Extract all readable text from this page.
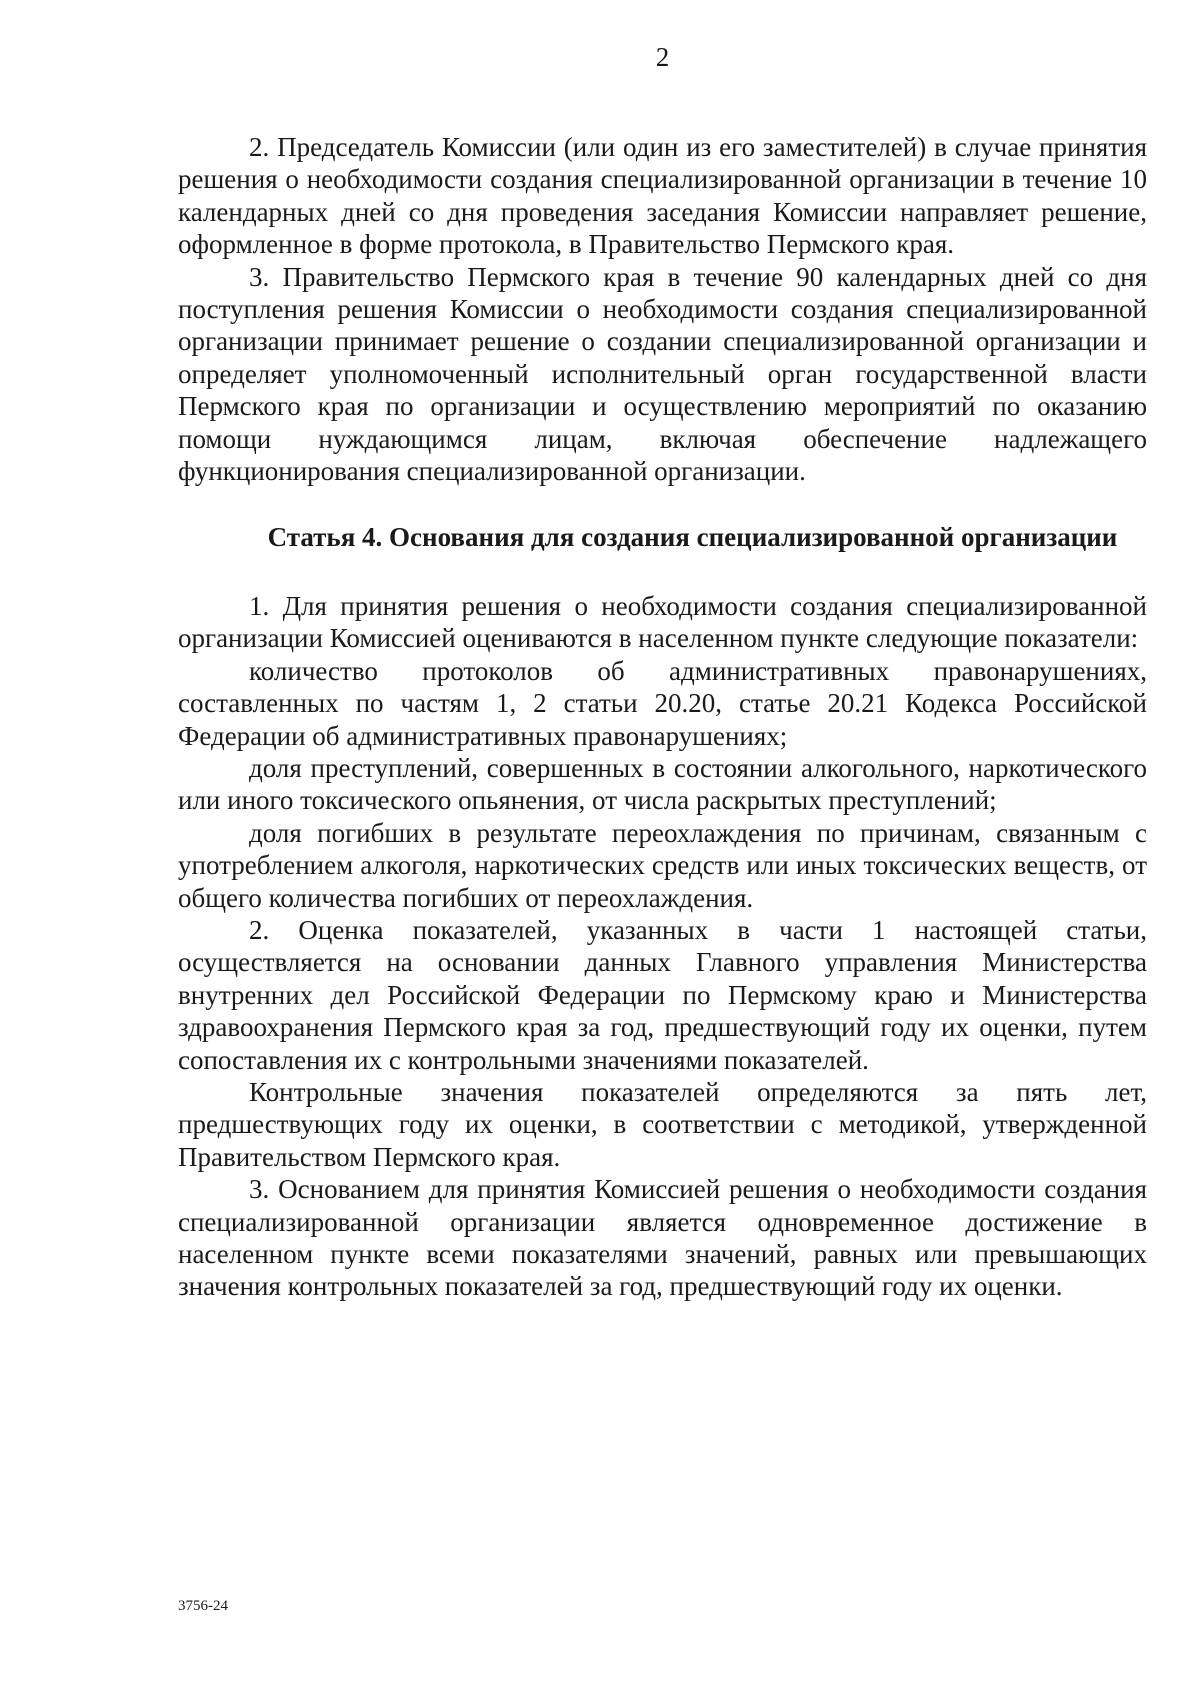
2

2. Председатель Комиссии (или один из его заместителей) в случае принятия решения о необходимости создания специализированной организации в течение 10 календарных дней со дня проведения заседания Комиссии направляет решение, оформленное в форме протокола, в Правительство Пермского края.

3. Правительство Пермского края в течение 90 календарных дней со дня поступления решения Комиссии о необходимости создания специализированной организации принимает решение о создании специализированной организации и определяет уполномоченный исполнительный орган государственной власти Пермского края по организации и осуществлению мероприятий по оказанию помощи нуждающимся лицам, включая обеспечение надлежащего функционирования специализированной организации.

Статья 4. Основания для создания специализированной организации

1. Для принятия решения о необходимости создания специализированной организации Комиссией оцениваются в населенном пункте следующие показатели:

количество протоколов об административных правонарушениях, составленных по частям 1, 2 статьи 20.20, статье 20.21 Кодекса Российской Федерации об административных правонарушениях;

доля преступлений, совершенных в состоянии алкогольного, наркотического или иного токсического опьянения, от числа раскрытых преступлений;

доля погибших в результате переохлаждения по причинам, связанным с употреблением алкоголя, наркотических средств или иных токсических веществ, от общего количества погибших от переохлаждения.

2. Оценка показателей, указанных в части 1 настоящей статьи, осуществляется на основании данных Главного управления Министерства внутренних дел Российской Федерации по Пермскому краю и Министерства здравоохранения Пермского края за год, предшествующий году их оценки, путем сопоставления их с контрольными значениями показателей.

Контрольные значения показателей определяются за пять лет, предшествующих году их оценки, в соответствии с методикой, утвержденной Правительством Пермского края.

3. Основанием для принятия Комиссией решения о необходимости создания специализированной организации является одновременное достижение в населенном пункте всеми показателями значений, равных или превышающих значения контрольных показателей за год, предшествующий году их оценки.

3756-24
